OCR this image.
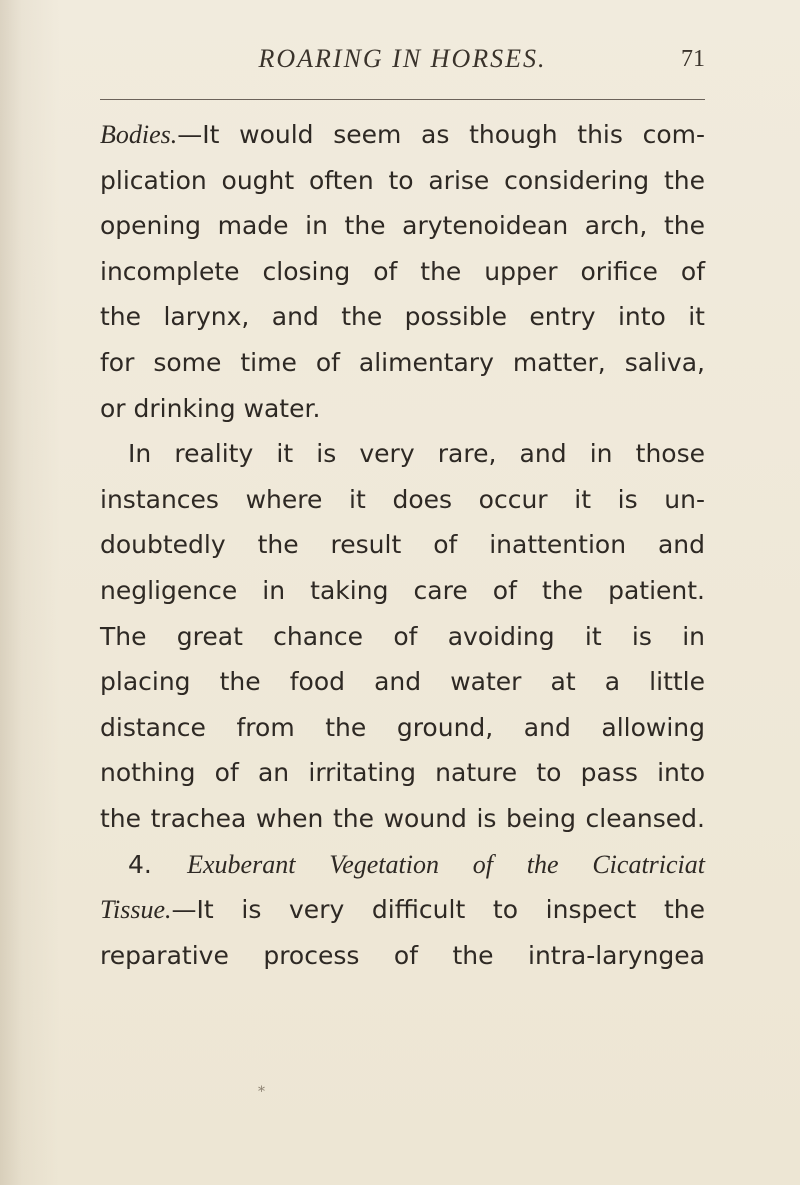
ROARING IN HORSES.	71
Bodies.—It would seem as though this com-
plication ought often to arise considering the
opening made in the arytenoidean arch, the
incomplete closing of the upper orifice of
the larynx, and the possible entry into it
for some time of alimentary matter, saliva,
or drinking water.
In reality it is very rare, and in those
instances where it does occur it is un-
doubtedly the result of inattention and
negligence in taking care of the patient.
The great chance of avoiding it is in
placing the food and water at a little
distance from the ground, and allowing
nothing of an irritating nature to pass into
the trachea when the wound is being cleansed.
4. Exuberant Vegetation of the Cicatriciat
Tissue.—It is very difficult to inspect the
reparative process of the intra-laryngea
*
